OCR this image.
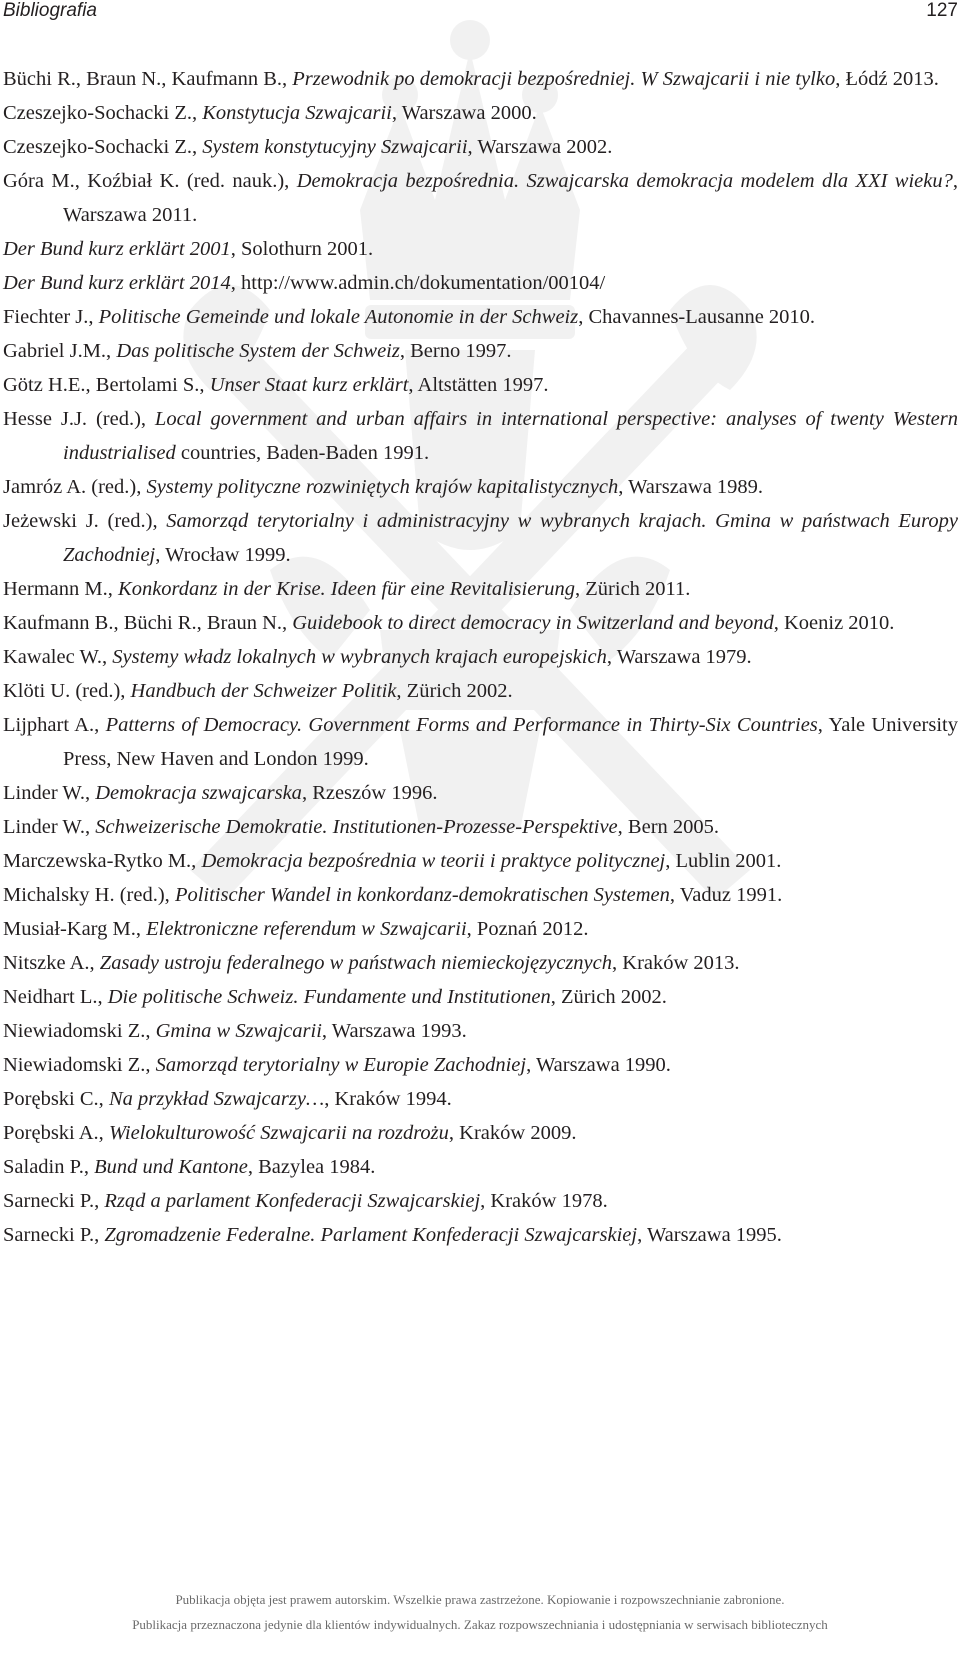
Bibliografia	127
Büchi R., Braun N., Kaufmann B., Przewodnik po demokracji bezpośredniej. W Szwajcarii i nie tylko, Łódź 2013.
Czeszejko-Sochacki Z., Konstytucja Szwajcarii, Warszawa 2000.
Czeszejko-Sochacki Z., System konstytucyjny Szwajcarii, Warszawa 2002.
Góra M., Koźbiał K. (red. nauk.), Demokracja bezpośrednia. Szwajcarska demokracja modelem dla XXI wieku?, Warszawa 2011.
Der Bund kurz erklärt 2001, Solothurn 2001.
Der Bund kurz erklärt 2014, http://www.admin.ch/dokumentation/00104/
Fiechter J., Politische Gemeinde und lokale Autonomie in der Schweiz, Chavannes-Lausanne 2010.
Gabriel J.M., Das politische System der Schweiz, Berno 1997.
Götz H.E., Bertolami S., Unser Staat kurz erklärt, Altstätten 1997.
Hesse J.J. (red.), Local government and urban affairs in international perspective: analyses of twenty Western industrialised countries, Baden-Baden 1991.
Jamróz A. (red.), Systemy polityczne rozwiniętych krajów kapitalistycznych, Warszawa 1989.
Jeżewski J. (red.), Samorząd terytorialny i administracyjny w wybranych krajach. Gmina w państwach Europy Zachodniej, Wrocław 1999.
Hermann M., Konkordanz in der Krise. Ideen für eine Revitalisierung, Zürich 2011.
Kaufmann B., Büchi R., Braun N., Guidebook to direct democracy in Switzerland and beyond, Koeniz 2010.
Kawalec W., Systemy władz lokalnych w wybranych krajach europejskich, Warszawa 1979.
Klöti U. (red.), Handbuch der Schweizer Politik, Zürich 2002.
Lijphart A., Patterns of Democracy. Government Forms and Performance in Thirty-Six Countries, Yale University Press, New Haven and London 1999.
Linder W., Demokracja szwajcarska, Rzeszów 1996.
Linder W., Schweizerische Demokratie. Institutionen-Prozesse-Perspektive, Bern 2005.
Marczewska-Rytko M., Demokracja bezpośrednia w teorii i praktyce politycznej, Lublin 2001.
Michalsky H. (red.), Politischer Wandel in konkordanz-demokratischen Systemen, Vaduz 1991.
Musiał-Karg M., Elektroniczne referendum w Szwajcarii, Poznań 2012.
Nitszke A., Zasady ustroju federalnego w państwach niemieckojęzycznych, Kraków 2013.
Neidhart L., Die politische Schweiz. Fundamente und Institutionen, Zürich 2002.
Niewiadomski Z., Gmina w Szwajcarii, Warszawa 1993.
Niewiadomski Z., Samorząd terytorialny w Europie Zachodniej, Warszawa 1990.
Porębski C., Na przykład Szwajcarzy…, Kraków 1994.
Porębski A., Wielokulturowość Szwajcarii na rozdrożu, Kraków 2009.
Saladin P., Bund und Kantone, Bazylea 1984.
Sarnecki P., Rząd a parlament Konfederacji Szwajcarskiej, Kraków 1978.
Sarnecki P., Zgromadzenie Federalne. Parlament Konfederacji Szwajcarskiej, Warszawa 1995.
Publikacja objęta jest prawem autorskim. Wszelkie prawa zastrzeżone. Kopiowanie i rozpowszechnianie zabronione.
Publikacja przeznaczona jedynie dla klientów indywidualnych. Zakaz rozpowszechniania i udostępniania w serwisach bibliotecznych
